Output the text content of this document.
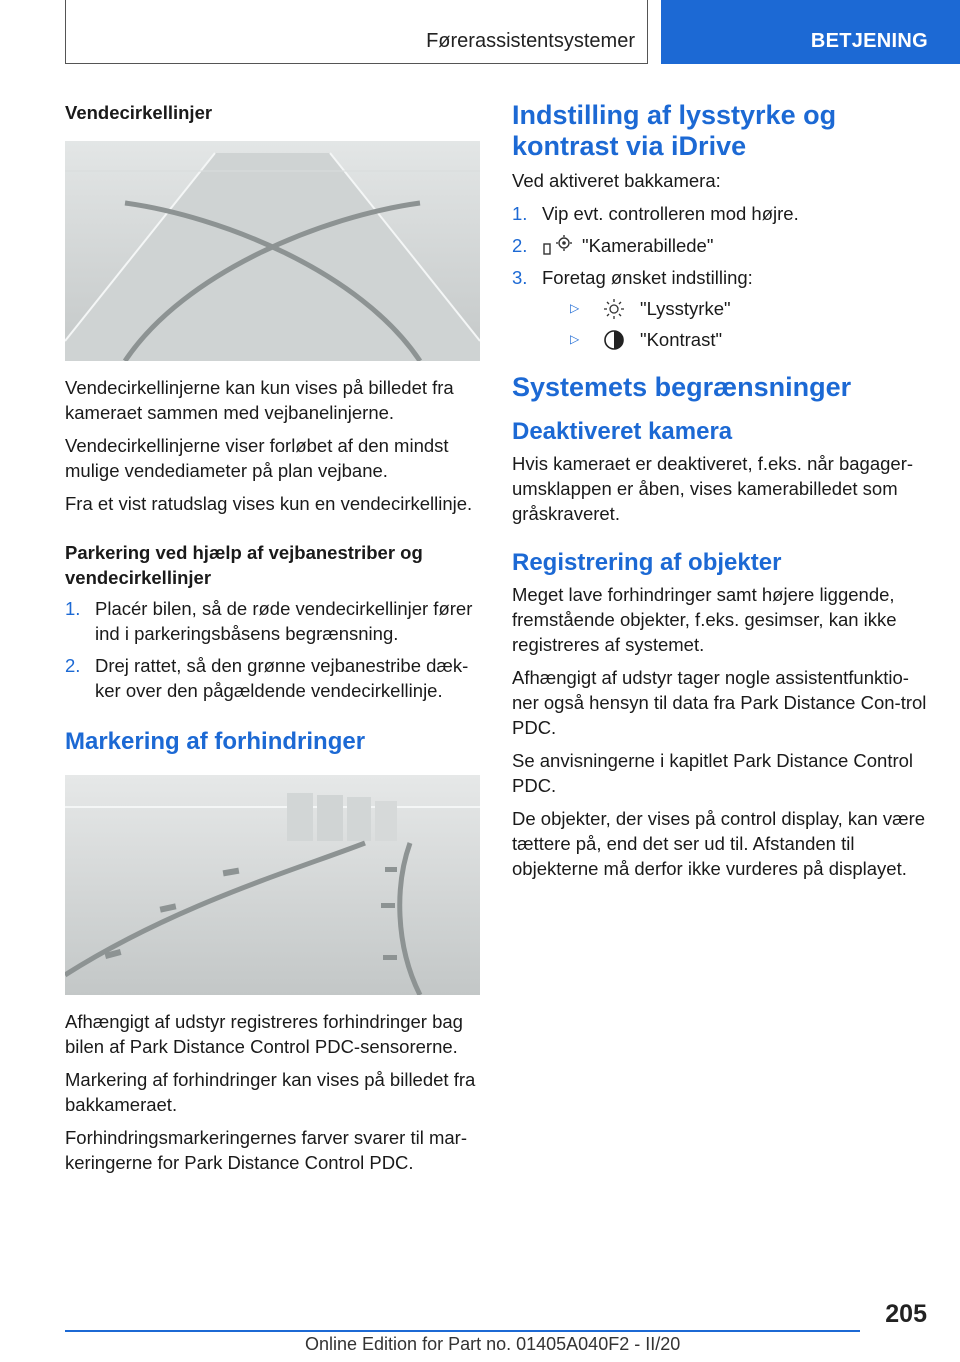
Førerassistentsystemer	BETJENING
Vendecirkellinjer

Vendecirkellinjerne kan kun vises på billedet fra kameraet sammen med vejbanelinjerne.

Vendecirkellinjerne viser forløbet af den mindst mulige vendediameter på plan vejbane.

Fra et vist ratudslag vises kun en vendecirkellinje.

Parkering ved hjælp af vejbanestriber og vendecirkellinjer
1. Placér bilen, så de røde vendecirkellinjer fører ind i parkeringsbåsens begrænsning.
2. Drej rattet, så den grønne vejbanestribe dæk‐ker over den pågældende vendecirkellinje.
Markering af forhindringer

Afhængigt af udstyr registreres forhindringer bag bilen af Park Distance Control PDC-sensorerne.

Markering af forhindringer kan vises på billedet fra bakkameraet.

Forhindringsmarkeringernes farver svarer til mar‐keringerne for Park Distance Control PDC.

Indstilling af lysstyrke og kontrast via iDrive

Ved aktiveret bakkamera:

1. Vip evt. controlleren mod højre.
2.	"Kamerabillede"
3. Foretag ønsket indstilling:
▷	"Lysstyrke"
▷	"Kontrast"
Systemets begrænsninger
Deaktiveret kamera

Hvis kameraet er deaktiveret, f.eks. når bagager‐umsklappen er åben, vises kamerabilledet som gråskraveret.

Registrering af objekter

Meget lave forhindringer samt højere liggende, fremstående objekter, f.eks. gesimser, kan ikke registreres af systemet.

Afhængigt af udstyr tager nogle assistentfunktio‐ner også hensyn til data fra Park Distance Con‐trol PDC.

Se anvisningerne i kapitlet Park Distance Control PDC.

De objekter, der vises på control display, kan være tættere på, end det ser ud til. Afstanden til objekterne må derfor ikke vurderes på displayet.

205
Online Edition for Part no. 01405A040F2 - II/20
